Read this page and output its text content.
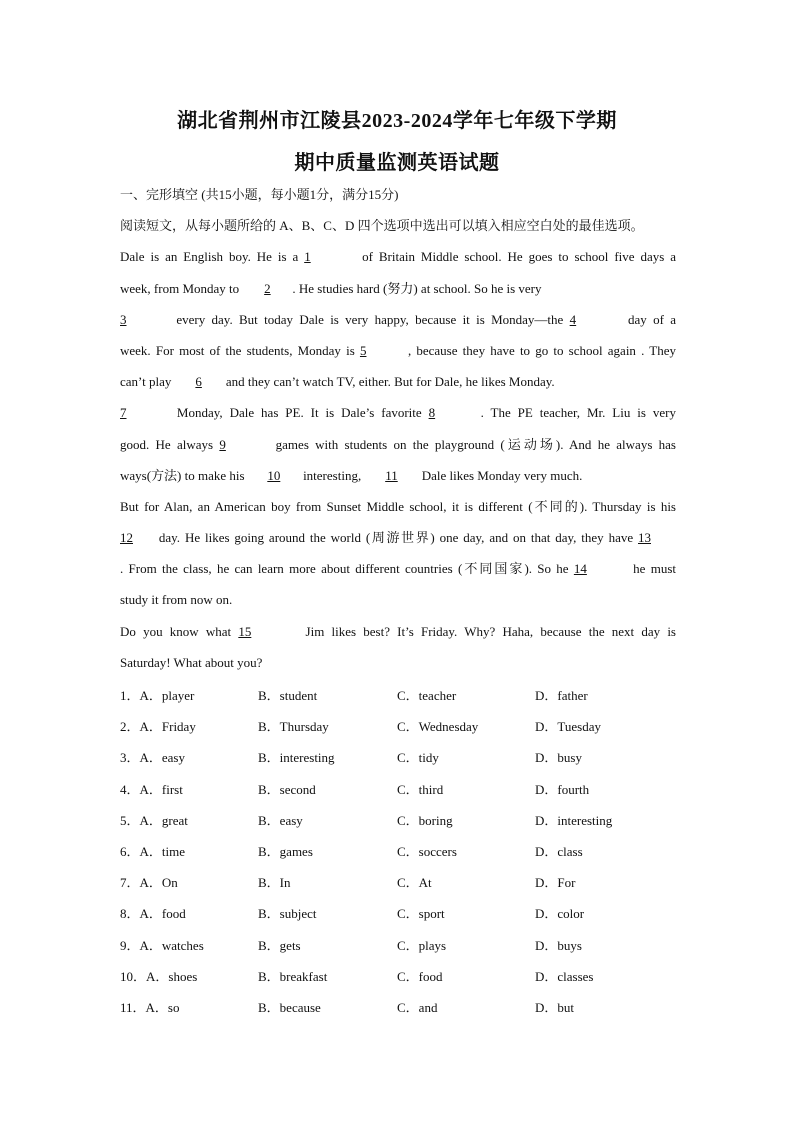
湖北省荆州市江陵县2023-2024学年七年级下学期
期中质量监测英语试题
一、完形填空 (共15小题，每小题1分，满分15分)
阅读短文，从每小题所给的 A、B、C、D 四个选项中选出可以填入相应空白处的最佳选项。
Dale is an English boy. He is a 1	of Britain Middle school. He goes to school five days a
week, from Monday to 2 . He studies hard (努力) at school. So he is very
3	every day. But today Dale is very happy, because it is Monday—the 4	day of a
week. For most of the students, Monday is 5	, because they have to go to school again . They
can’t play 6 and they can’t watch TV, either. But for Dale, he likes Monday.
7	Monday, Dale has PE. It is Dale’s favorite 8	. The PE teacher, Mr. Liu is very
good. He always 9	games with students on the playground (运动场). And he always has
ways(方法) to make his 10 interesting, 11 Dale likes Monday very much.
But for Alan, an American boy from Sunset Middle school, it is different (不同的). Thursday is his
12 day. He likes going around the world (周游世界) one day, and on that day, they have 13
. From the class, he can learn more about different countries (不同国家). So he 14	he must
study it from now on.
Do you know what 15	Jim likes best? It’s Friday. Why? Haha, because the next day is
Saturday! What about you?
1．A．player	B．student	C．teacher	D．father
2．A．Friday	B．Thursday	C．Wednesday	D．Tuesday
3．A．easy	B．interesting	C．tidy	D．busy
4．A．first	B．second	C．third	D．fourth
5．A．great	B．easy	C．boring	D．interesting
6．A．time	B．games	C．soccers	D．class
7．A．On	B．In	C．At	D．For
8．A．food	B．subject	C．sport	D．color
9．A．watches	B．gets	C．plays	D．buys
10．A．shoes	B．breakfast	C．food	D．classes
11．A．so	B．because	C．and	D．but
